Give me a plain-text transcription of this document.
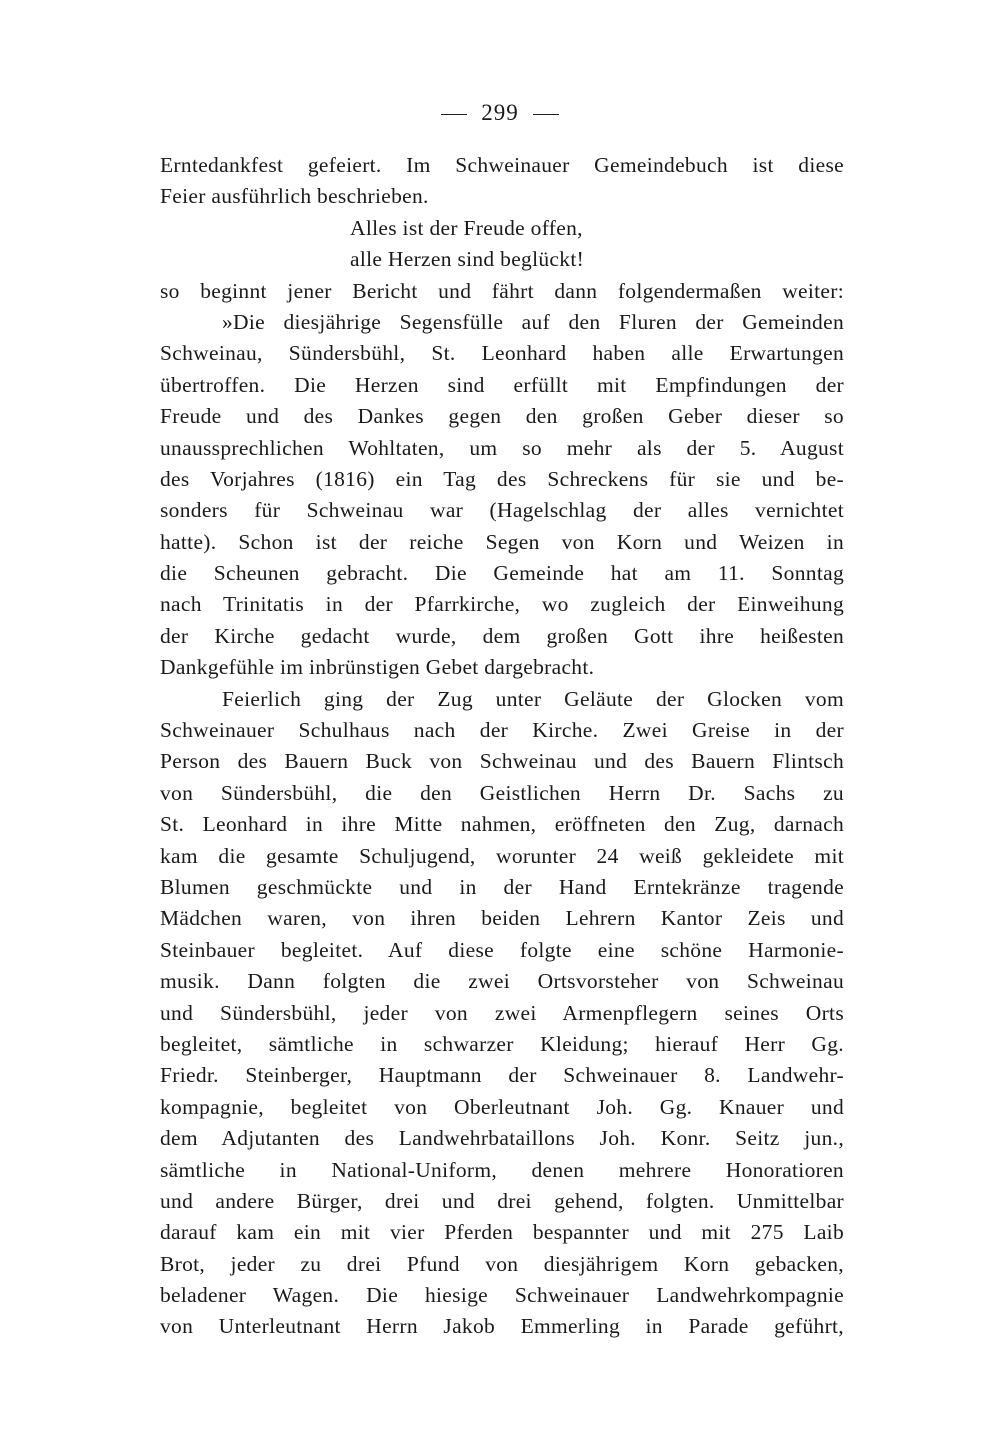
299
Erntedankfest gefeiert. Im Schweinauer Gemeindebuch ist diese
Feier ausführlich beschrieben.
Alles ist der Freude offen,
alle Herzen sind beglückt!
so beginnt jener Bericht und fährt dann folgendermaßen weiter:
»Die diesjährige Segensfülle auf den Fluren der Gemeinden
Schweinau, Sündersbühl, St. Leonhard haben alle Erwartungen
übertroffen. Die Herzen sind erfüllt mit Empfindungen der
Freude und des Dankes gegen den großen Geber dieser so
unaussprechlichen Wohltaten, um so mehr als der 5. August
des Vorjahres (1816) ein Tag des Schreckens für sie und be-
sonders für Schweinau war (Hagelschlag der alles vernichtet
hatte). Schon ist der reiche Segen von Korn und Weizen in
die Scheunen gebracht. Die Gemeinde hat am 11. Sonntag
nach Trinitatis in der Pfarrkirche, wo zugleich der Einweihung
der Kirche gedacht wurde, dem großen Gott ihre heißesten
Dankgefühle im inbrünstigen Gebet dargebracht.
Feierlich ging der Zug unter Geläute der Glocken vom
Schweinauer Schulhaus nach der Kirche. Zwei Greise in der
Person des Bauern Buck von Schweinau und des Bauern Flintsch
von Sündersbühl, die den Geistlichen Herrn Dr. Sachs zu
St. Leonhard in ihre Mitte nahmen, eröffneten den Zug, darnach
kam die gesamte Schuljugend, worunter 24 weiß gekleidete mit
Blumen geschmückte und in der Hand Erntekränze tragende
Mädchen waren, von ihren beiden Lehrern Kantor Zeis und
Steinbauer begleitet. Auf diese folgte eine schöne Harmonie-
musik. Dann folgten die zwei Ortsvorsteher von Schweinau
und Sündersbühl, jeder von zwei Armenpflegern seines Orts
begleitet, sämtliche in schwarzer Kleidung; hierauf Herr Gg.
Friedr. Steinberger, Hauptmann der Schweinauer 8. Landwehr-
kompagnie, begleitet von Oberleutnant Joh. Gg. Knauer und
dem Adjutanten des Landwehrbataillons Joh. Konr. Seitz jun.,
sämtliche in National-Uniform, denen mehrere Honoratioren
und andere Bürger, drei und drei gehend, folgten. Unmittelbar
darauf kam ein mit vier Pferden bespannter und mit 275 Laib
Brot, jeder zu drei Pfund von diesjährigem Korn gebacken,
beladener Wagen. Die hiesige Schweinauer Landwehrkompagnie
von Unterleutnant Herrn Jakob Emmerling in Parade geführt,
